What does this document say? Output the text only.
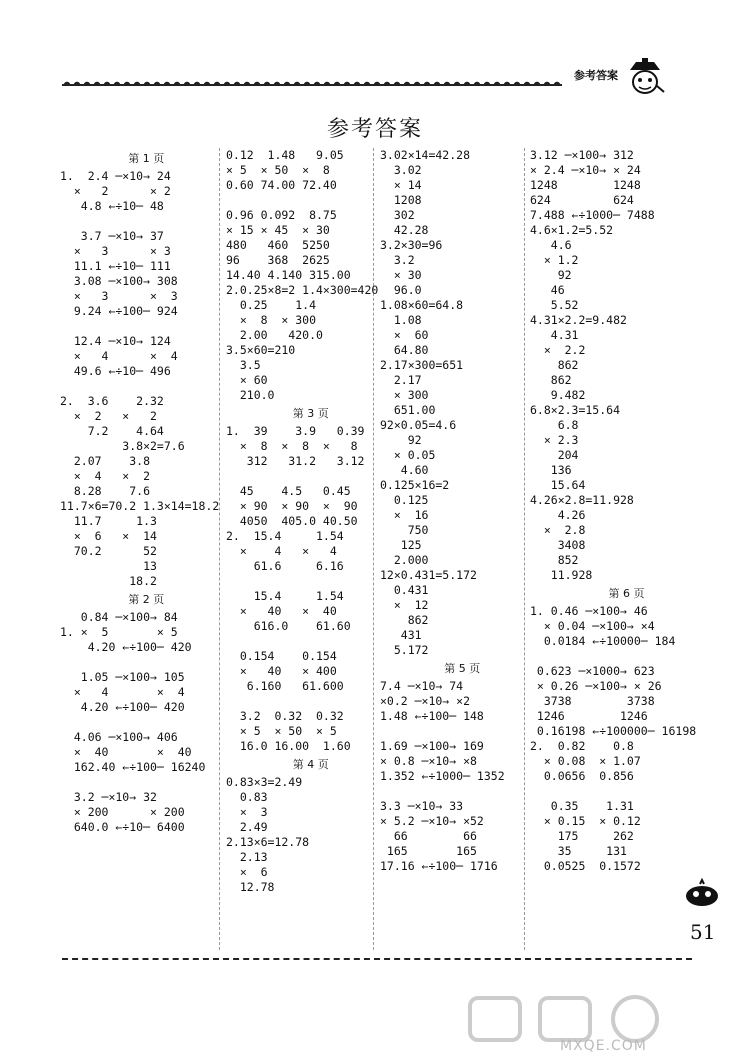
参考答案
参考答案
第 1 页
1.  2.4 ─×10→ 24
×   2      × 2
4.8 ←÷10─ 48

3.7 ─×10→ 37
×   3      × 3
11.1 ←÷10─ 111
3.08 ─×100→ 308
×   3      ×  3
9.24 ←÷100─ 924

12.4 ─×10→ 124
×   4      ×  4
49.6 ←÷10─ 496

2.  3.6    2.32
×  2   ×   2
7.2    4.64
3.8×2=7.6
2.07    3.8
×  4   ×  2
8.28    7.6
11.7×6=70.2 1.3×14=18.2
11.7     1.3
×  6   ×  14
70.2      52
13
18.2
第 2 页
0.84 ─×100→ 84
1. ×  5       × 5
4.20 ←÷100─ 420

1.05 ─×100→ 105
×   4       ×  4
4.20 ←÷100─ 420

4.06 ─×100→ 406
×  40       ×  40
162.40 ←÷100─ 16240

3.2 ─×10→ 32
× 200      × 200
640.0 ←÷10─ 6400
0.12  1.48   9.05
× 5  × 50  ×  8
0.60 74.00 72.40

0.96 0.092  8.75
× 15 × 45  × 30
480   460  5250
96    368  2625
14.40 4.140 315.00
2.0.25×8=2 1.4×300=420
0.25    1.4
×  8  × 300
2.00   420.0
3.5×60=210
3.5
× 60
210.0
第 3 页
1.  39    3.9   0.39
×  8  ×  8  ×   8
312   31.2   3.12

45    4.5   0.45
× 90  × 90  ×  90
4050  405.0 40.50
2.  15.4     1.54
×    4   ×   4
61.6     6.16

15.4     1.54
×   40   ×  40
616.0    61.60

0.154    0.154
×   40   × 400
6.160   61.600

3.2  0.32  0.32
× 5  × 50  × 5
16.0 16.00  1.60
第 4 页
0.83×3=2.49
0.83
×  3
2.49
2.13×6=12.78
2.13
×  6
12.78
3.02×14=42.28
3.02
× 14
1208
302
42.28
3.2×30=96
3.2
× 30
96.0
1.08×60=64.8
1.08
×  60
64.80
2.17×300=651
2.17
× 300
651.00
92×0.05=4.6
92
× 0.05
4.60
0.125×16=2
0.125
×  16
750
125
2.000
12×0.431=5.172
0.431
×  12
862
431
5.172
第 5 页
7.4 ─×10→ 74
×0.2 ─×10→ ×2
1.48 ←÷100─ 148

1.69 ─×100→ 169
× 0.8 ─×10→ ×8
1.352 ←÷1000─ 1352

3.3 ─×10→ 33
× 5.2 ─×10→ ×52
66        66
165       165
17.16 ←÷100─ 1716
3.12 ─×100→ 312
× 2.4 ─×10→ × 24
1248        1248
624         624
7.488 ←÷1000─ 7488
4.6×1.2=5.52
4.6
× 1.2
92
46
5.52
4.31×2.2=9.482
4.31
×  2.2
862
862
9.482
6.8×2.3=15.64
6.8
× 2.3
204
136
15.64
4.26×2.8=11.928
4.26
×  2.8
3408
852
11.928
第 6 页
1. 0.46 ─×100→ 46
× 0.04 ─×100→ ×4
0.0184 ←÷10000─ 184

0.623 ─×1000→ 623
× 0.26 ─×100→ × 26
3738        3738
1246        1246
0.16198 ←÷100000─ 16198
2.  0.82    0.8
× 0.08  × 1.07
0.0656  0.856

0.35    1.31
× 0.15  × 0.12
175     262
35     131
0.0525  0.1572
51
MXQE.COM
